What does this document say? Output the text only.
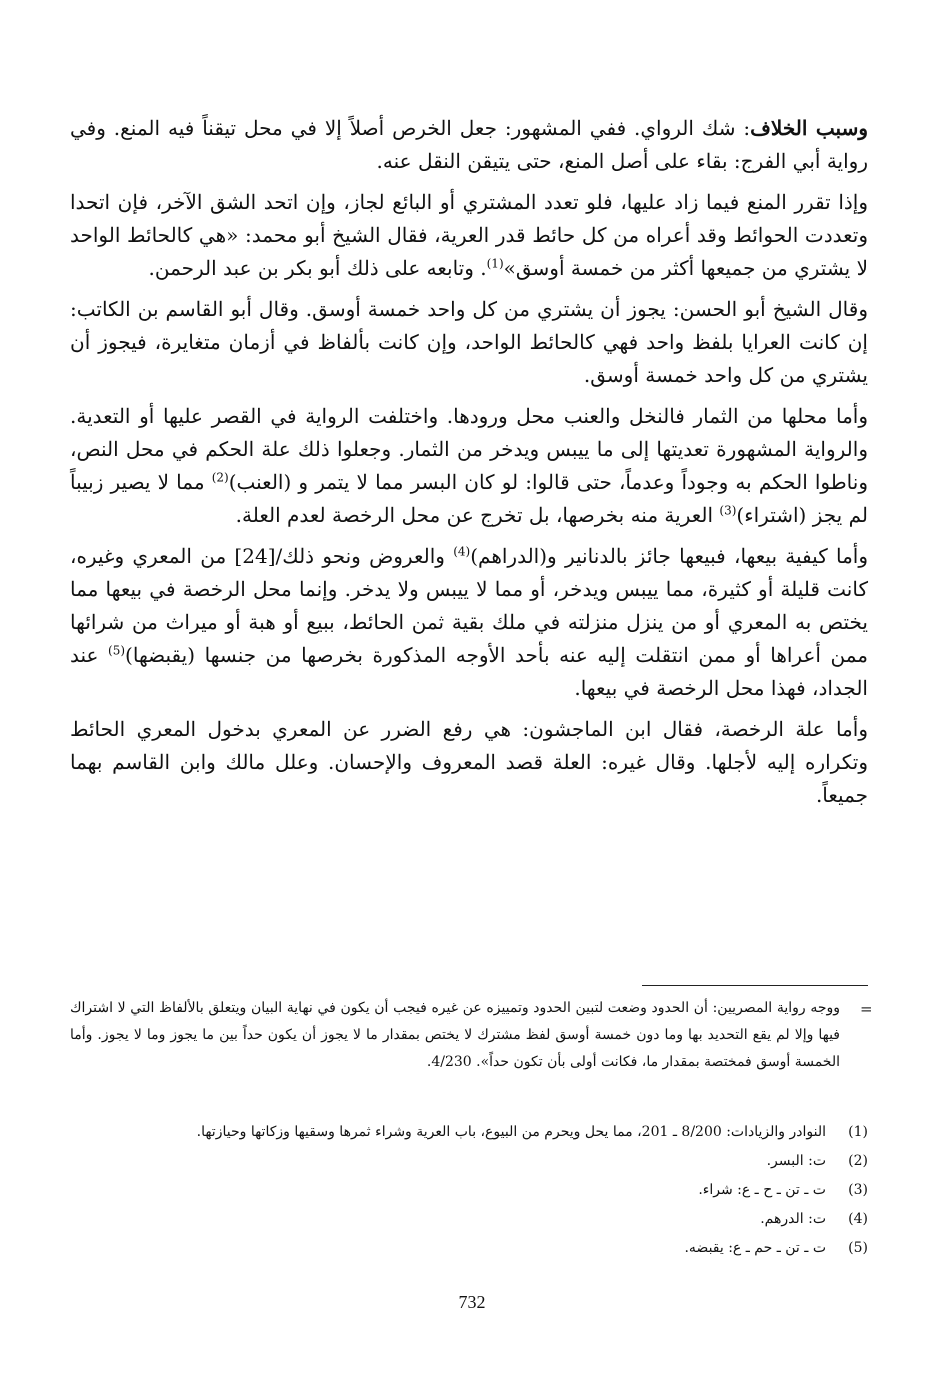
وسبب الخلاف: شك الرواي. ففي المشهور: جعل الخرص أصلاً إلا في محل تيقناً فيه المنع. وفي رواية أبي الفرج: بقاء على أصل المنع، حتى يتيقن النقل عنه.

وإذا تقرر المنع فيما زاد عليها، فلو تعدد المشتري أو البائع لجاز، وإن اتحد الشق الآخر، فإن اتحدا وتعددت الحوائط وقد أعراه من كل حائط قدر العرية، فقال الشيخ أبو محمد: «هي كالحائط الواحد لا يشتري من جميعها أكثر من خمسة أوسق»$^{(1)}$. وتابعه على ذلك أبو بكر بن عبد الرحمن.

وقال الشيخ أبو الحسن: يجوز أن يشتري من كل واحد خمسة أوسق. وقال أبو القاسم بن الكاتب: إن كانت العرايا بلفظ واحد فهي كالحائط الواحد، وإن كانت بألفاظ في أزمان متغايرة، فيجوز أن يشتري من كل واحد خمسة أوسق.

وأما محلها من الثمار فالنخل والعنب محل ورودها. واختلفت الرواية في القصر عليها أو التعدية. والرواية المشهورة تعديتها إلى ما ييبس ويدخر من الثمار. وجعلوا ذلك علة الحكم في محل النص، وناطوا الحكم به وجوداً وعدماً، حتى قالوا: لو كان البسر مما لا يتمر و (العنب)$^{(2)}$ مما لا يصير زبيباً لم يجز (اشتراء)$^{(3)}$ العرية منه بخرصها، بل تخرج عن محل الرخصة لعدم العلة.

وأما كيفية بيعها، فبيعها جائز بالدنانير و(الدراهم)$^{(4)}$ والعروض ونحو ذلك/[24] من المعري وغيره، كانت قليلة أو كثيرة، مما ييبس ويدخر، أو مما لا ييبس ولا يدخر. وإنما محل الرخصة في بيعها مما يختص به المعري أو من ينزل منزلته في ملك بقية ثمن الحائط، ببيع أو هبة أو ميراث من شرائها ممن أعراها أو ممن انتقلت إليه عنه بأحد الأوجه المذكورة بخرصها من جنسها (يقبضها)$^{(5)}$ عند الجداد، فهذا محل الرخصة في بيعها.

وأما علة الرخصة، فقال ابن الماجشون: هي رفع الضرر عن المعري بدخول المعري الحائط وتكراره إليه لأجلها. وقال غيره: العلة قصد المعروف والإحسان. وعلل مالك وابن القاسم بهما جميعاً.

=
ووجه رواية المصريين: أن الحدود وضعت لتبين الحدود وتمييزه عن غيره فيجب أن يكون في نهاية البيان ويتعلق بالألفاظ التي لا اشتراك فيها وإلا لم يقع التحديد بها وما دون خمسة أوسق لفظ مشترك لا يختص بمقدار ما لا يجوز أن يكون حداً بين ما يجوز وما لا يجوز. وأما الخمسة أوسق فمختصة بمقدار ما، فكانت أولى بأن تكون حداً». 4/230.
(1)
النوادر والزيادات: 8/200 ـ 201، مما يحل ويحرم من البيوع، باب العرية وشراء ثمرها وسقيها وزكاتها وحيازتها.
(2)
ت: البسر.
(3)
ت ـ تن ـ ح ـ ع: شراء.
(4)
ت: الدرهم.
(5)
ت ـ تن ـ حم ـ ع: يقبضه.
732
